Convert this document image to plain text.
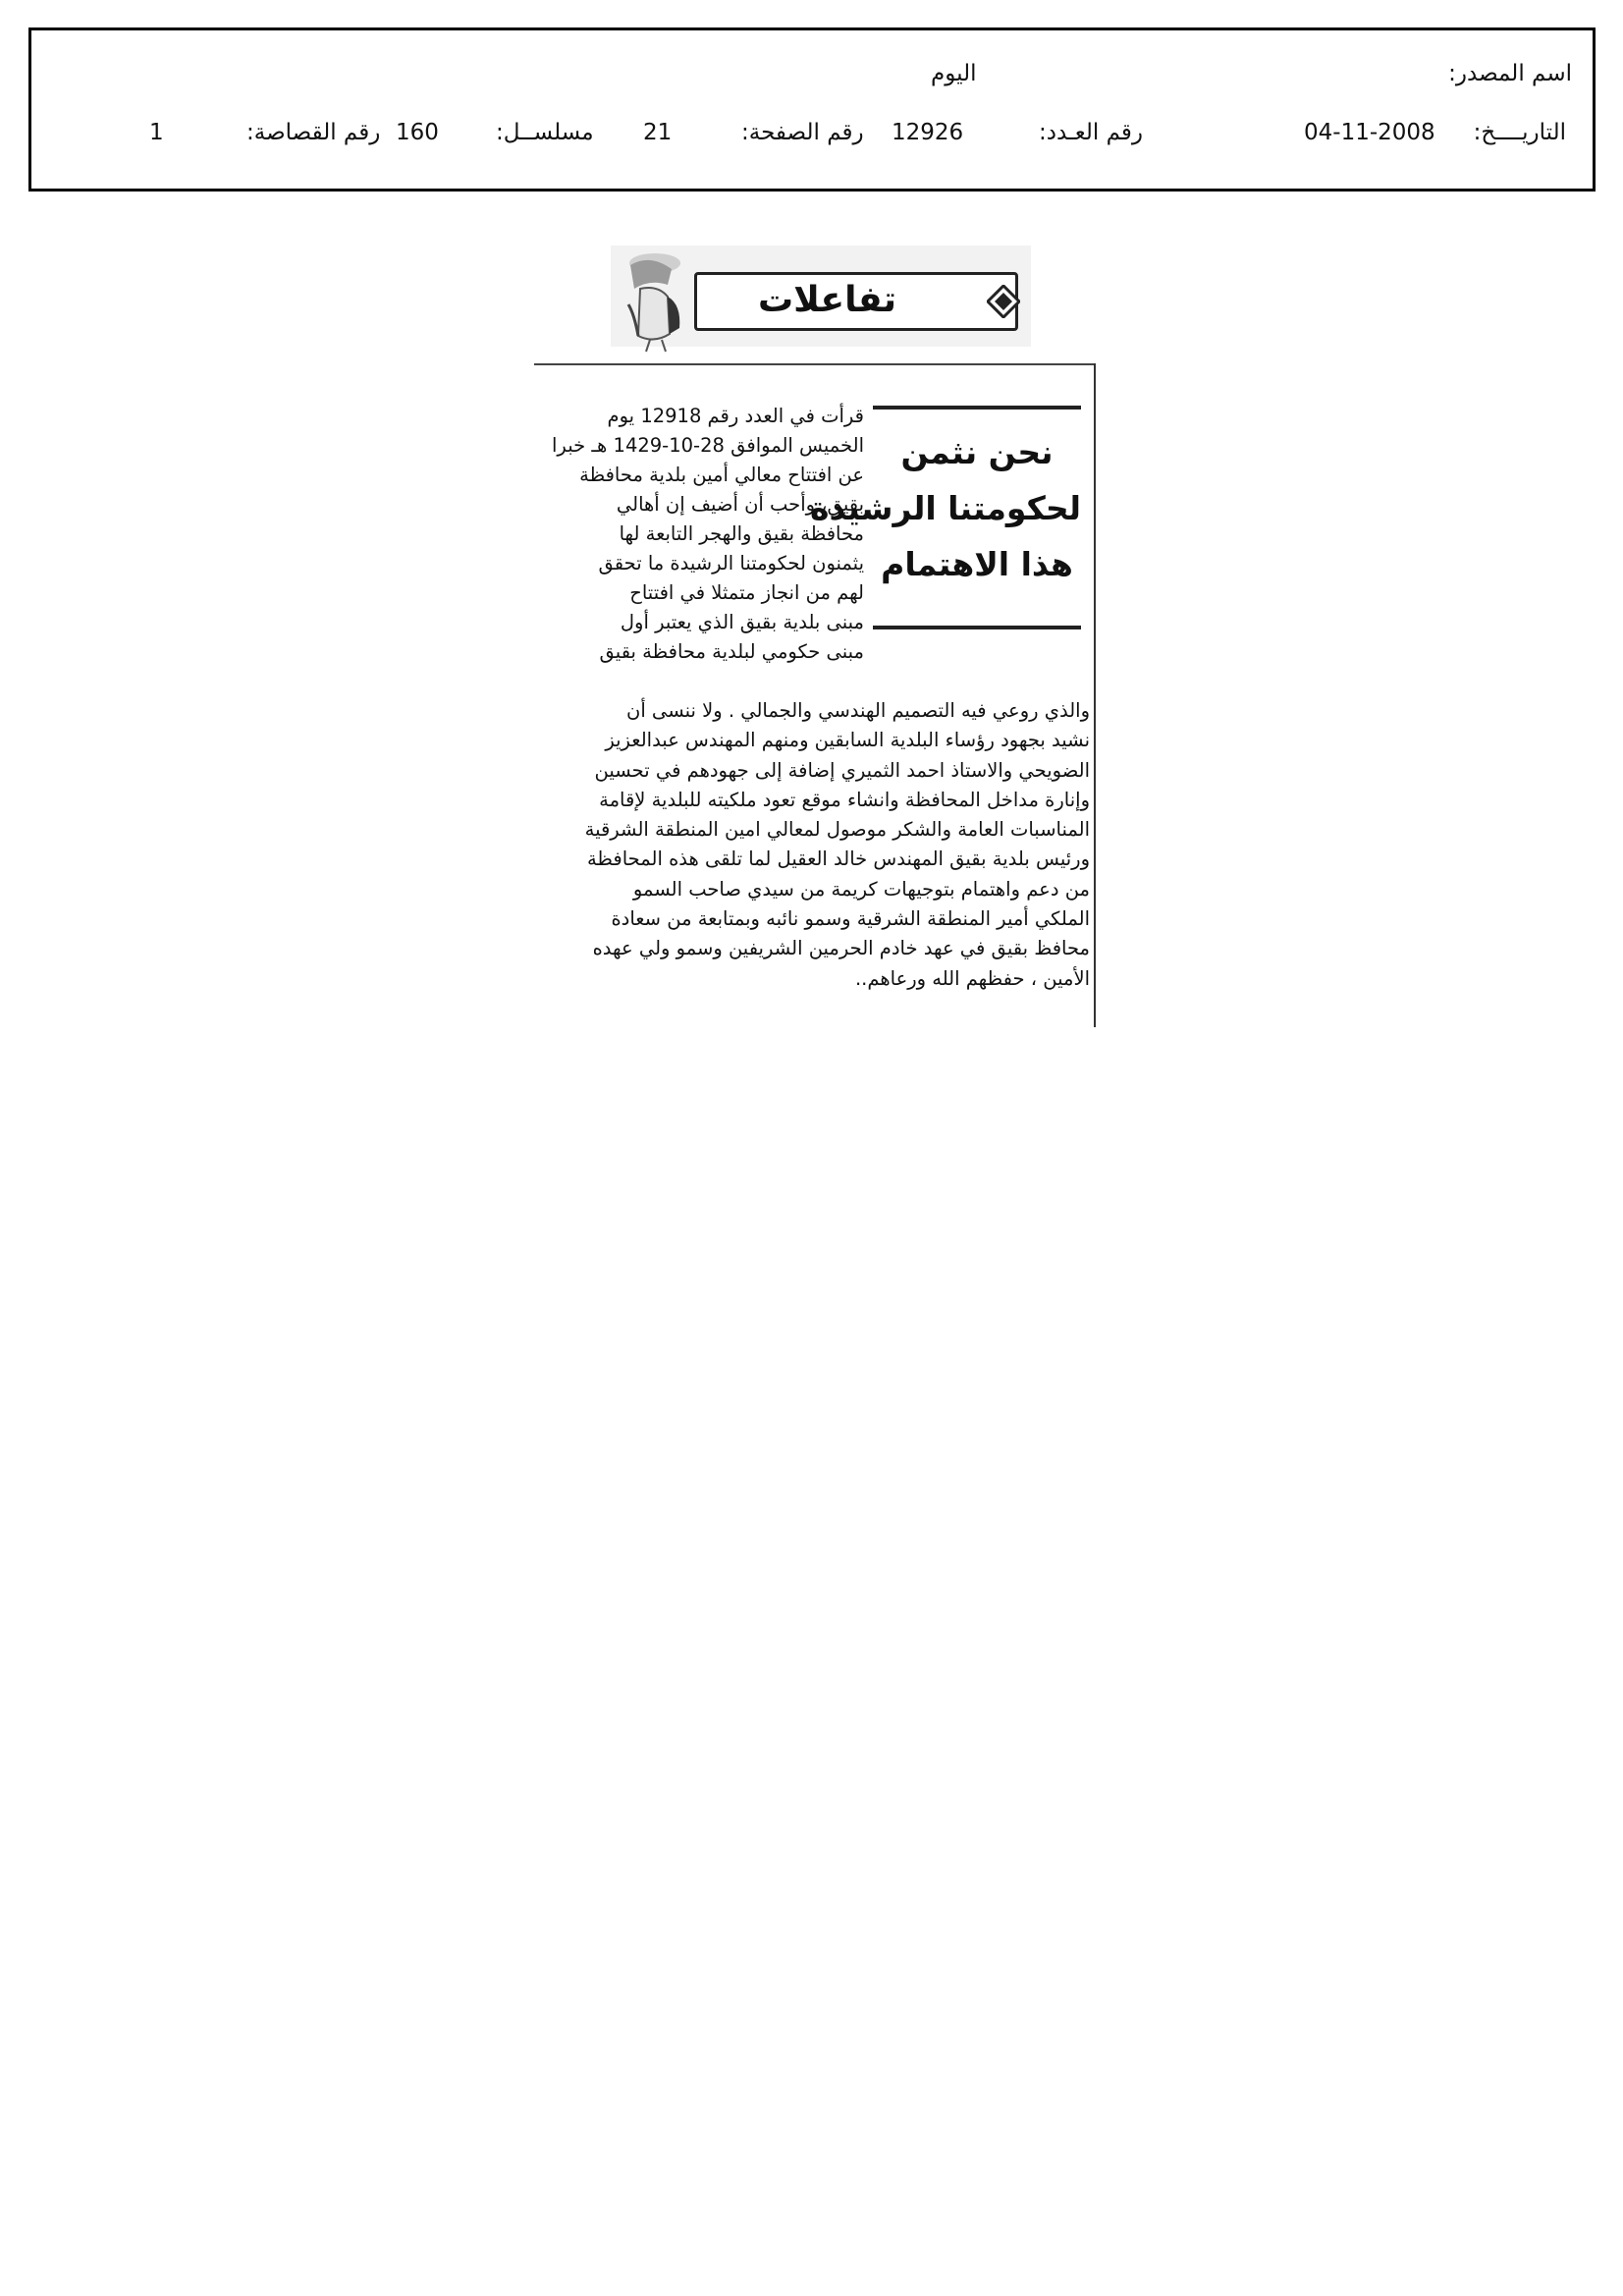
اسم المصدر:
اليوم
التاريــــخ:
04-11-2008
رقم العـدد:
12926
رقم الصفحة:
21
مسلســل:
160
رقم القصاصة:
1
تفاعلات
نحن نثمن
لحكومتنا الرشيدة
هذا الاهتمام
قرأت في العدد رقم 12918 يوم
الخميس الموافق 28-10-1429 هـ خبرا
عن افتتاح معالي أمين بلدية محافظة
بقيق، وأحب أن أضيف إن أهالي
محافظة بقيق والهجر التابعة لها
يثمنون لحكومتنا الرشيدة ما تحقق
لهم من انجاز متمثلا في افتتاح
مبنى بلدية بقيق الذي يعتبر أول
مبنى حكومي لبلدية محافظة بقيق
والذي روعي فيه التصميم الهندسي والجمالي . ولا ننسى أن
نشيد بجهود رؤساء البلدية السابقين ومنهم المهندس عبدالعزيز
الضويحي والاستاذ احمد الثميري إضافة إلى جهودهم في تحسين
وإنارة مداخل المحافظة وانشاء موقع تعود ملكيته للبلدية لإقامة
المناسبات العامة والشكر موصول لمعالي امين المنطقة الشرقية
ورئيس بلدية بقيق المهندس خالد العقيل لما تلقى هذه المحافظة
من دعم واهتمام بتوجيهات كريمة من سيدي صاحب السمو
الملكي أمير المنطقة الشرقية وسمو نائبه وبمتابعة من سعادة
محافظ بقيق في عهد خادم الحرمين الشريفين وسمو ولي عهده
الأمين ، حفظهم الله ورعاهم..
